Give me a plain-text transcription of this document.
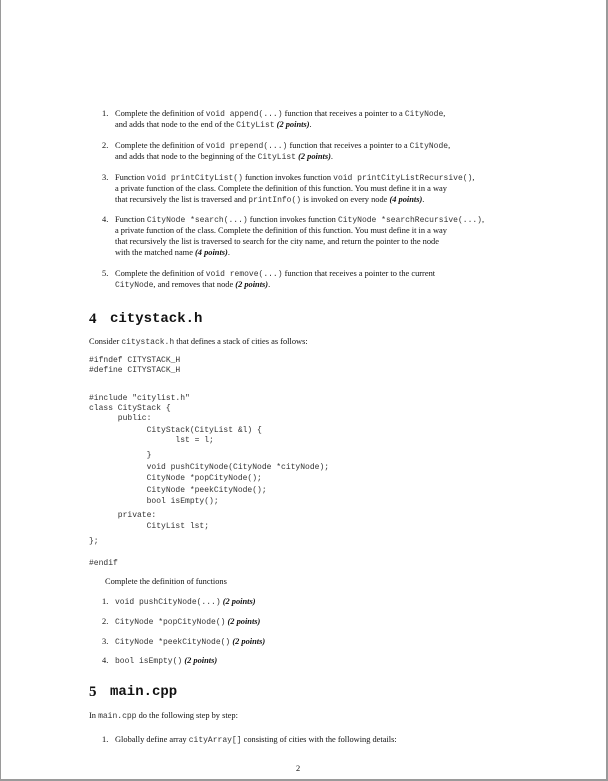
1. Complete the definition of void append(...) function that receives a pointer to a CityNode,
and adds that node to the end of the CityList (2 points).
2. Complete the definition of void prepend(...) function that receives a pointer to a CityNode,
and adds that node to the beginning of the CityList (2 points).
3. Function void printCityList() function invokes function void printCityListRecursive(),
a private function of the class. Complete the definition of this function. You must define it in a way
that recursively the list is traversed and printInfo() is invoked on every node (4 points).
4. Function CityNode *search(...) function invokes function CityNode *searchRecursive(...),
a private function of the class. Complete the definition of this function. You must define it in a way
that recursively the list is traversed to search for the city name, and return the pointer to the node
with the matched name (4 points).
5. Complete the definition of void remove(...) function that receives a pointer to the current
CityNode, and removes that node (2 points).
4 citystack.h
Consider citystack.h that defines a stack of cities as follows:
#ifndef CITYSTACK_H
#define CITYSTACK_H
#include "citylist.h"
class CityStack {
public:
CityStack(CityList &l) {
lst = l;
}
void pushCityNode(CityNode *cityNode);
CityNode *popCityNode();
CityNode *peekCityNode();
bool isEmpty();
private:
CityList lst;
};
#endif
Complete the definition of functions
1. void pushCityNode(...) (2 points)
2. CityNode *popCityNode() (2 points)
3. CityNode *peekCityNode() (2 points)
4. bool isEmpty() (2 points)
5 main.cpp
In main.cpp do the following step by step:
1. Globally define array cityArray[] consisting of cities with the following details:
2
